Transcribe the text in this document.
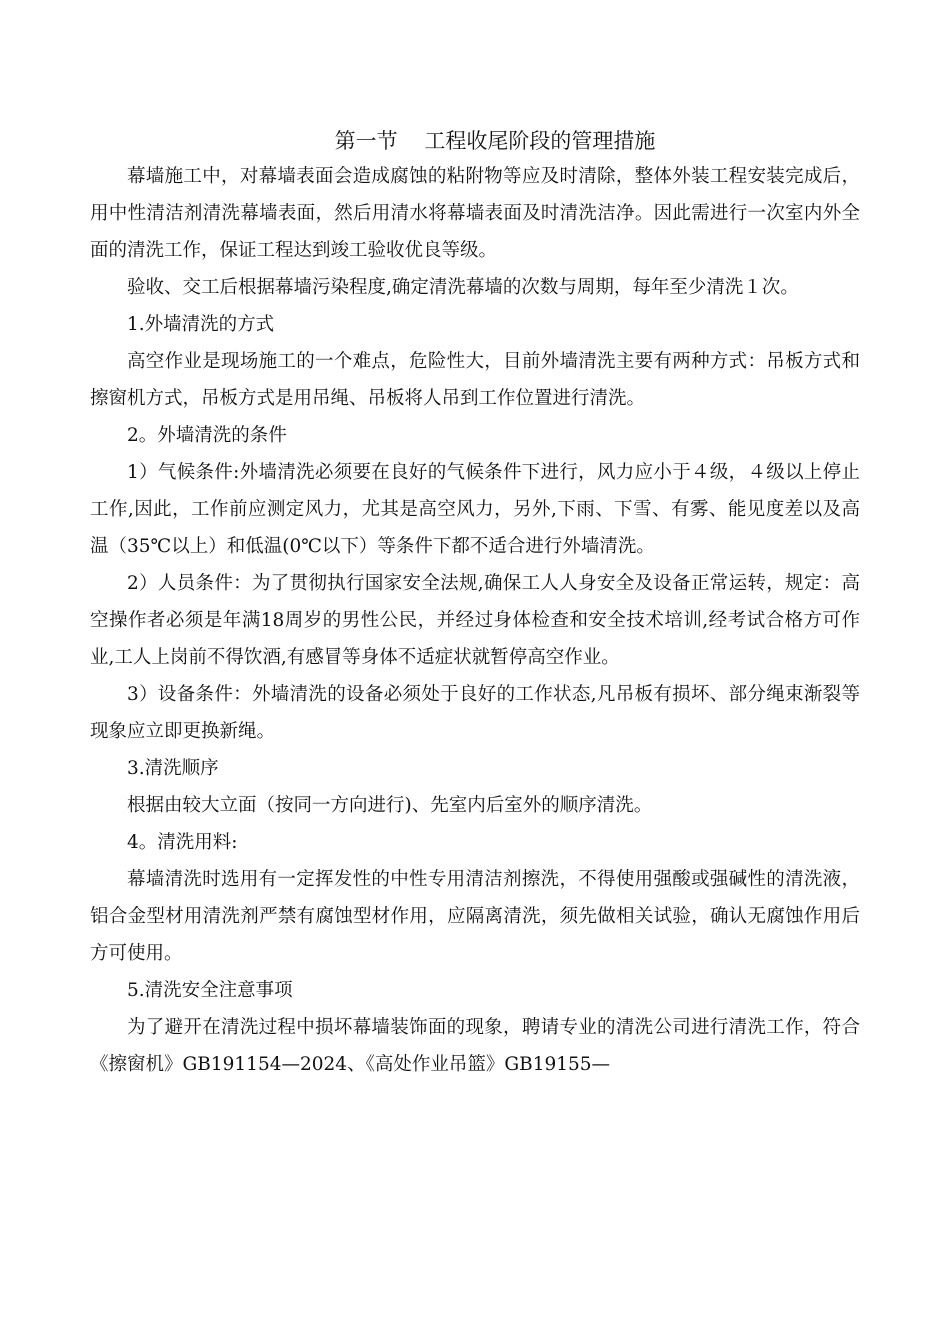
第一节    工程收尾阶段的管理措施

幕墙施工中，对幕墙表面会造成腐蚀的粘附物等应及时清除，整体外装工程安装完成后，用中性清洁剂清洗幕墙表面，然后用清水将幕墙表面及时清洗洁净。因此需进行一次室内外全面的清洗工作，保证工程达到竣工验收优良等级。

验收、交工后根据幕墙污染程度,确定清洗幕墙的次数与周期，每年至少清洗１次。

1.外墙清洗的方式

高空作业是现场施工的一个难点，危险性大，目前外墙清洗主要有两种方式：吊板方式和擦窗机方式，吊板方式是用吊绳、吊板将人吊到工作位置进行清洗。

2。外墙清洗的条件

1）气候条件:外墙清洗必须要在良好的气候条件下进行，风力应小于４级，４级以上停止工作,因此，工作前应测定风力，尤其是高空风力，另外,下雨、下雪、有雾、能见度差以及高温（35℃以上）和低温(0℃以下）等条件下都不适合进行外墙清洗。

2）人员条件：为了贯彻执行国家安全法规,确保工人人身安全及设备正常运转，规定：高空操作者必须是年满18周岁的男性公民，并经过身体检查和安全技术培训,经考试合格方可作业,工人上岗前不得饮酒,有感冒等身体不适症状就暂停高空作业。

3）设备条件：外墙清洗的设备必须处于良好的工作状态,凡吊板有损坏、部分绳束渐裂等现象应立即更换新绳。

3.清洗顺序

根据由较大立面（按同一方向进行)、先室内后室外的顺序清洗。

4。清洗用料:

幕墙清洗时选用有一定挥发性的中性专用清洁剂擦洗，不得使用强酸或强碱性的清洗液，铝合金型材用清洗剂严禁有腐蚀型材作用，应隔离清洗，须先做相关试验，确认无腐蚀作用后方可使用。

5.清洗安全注意事项

为了避开在清洗过程中损坏幕墙装饰面的现象，聘请专业的清洗公司进行清洗工作，符合《擦窗机》GB191154—2024、《高处作业吊篮》GB19155—
